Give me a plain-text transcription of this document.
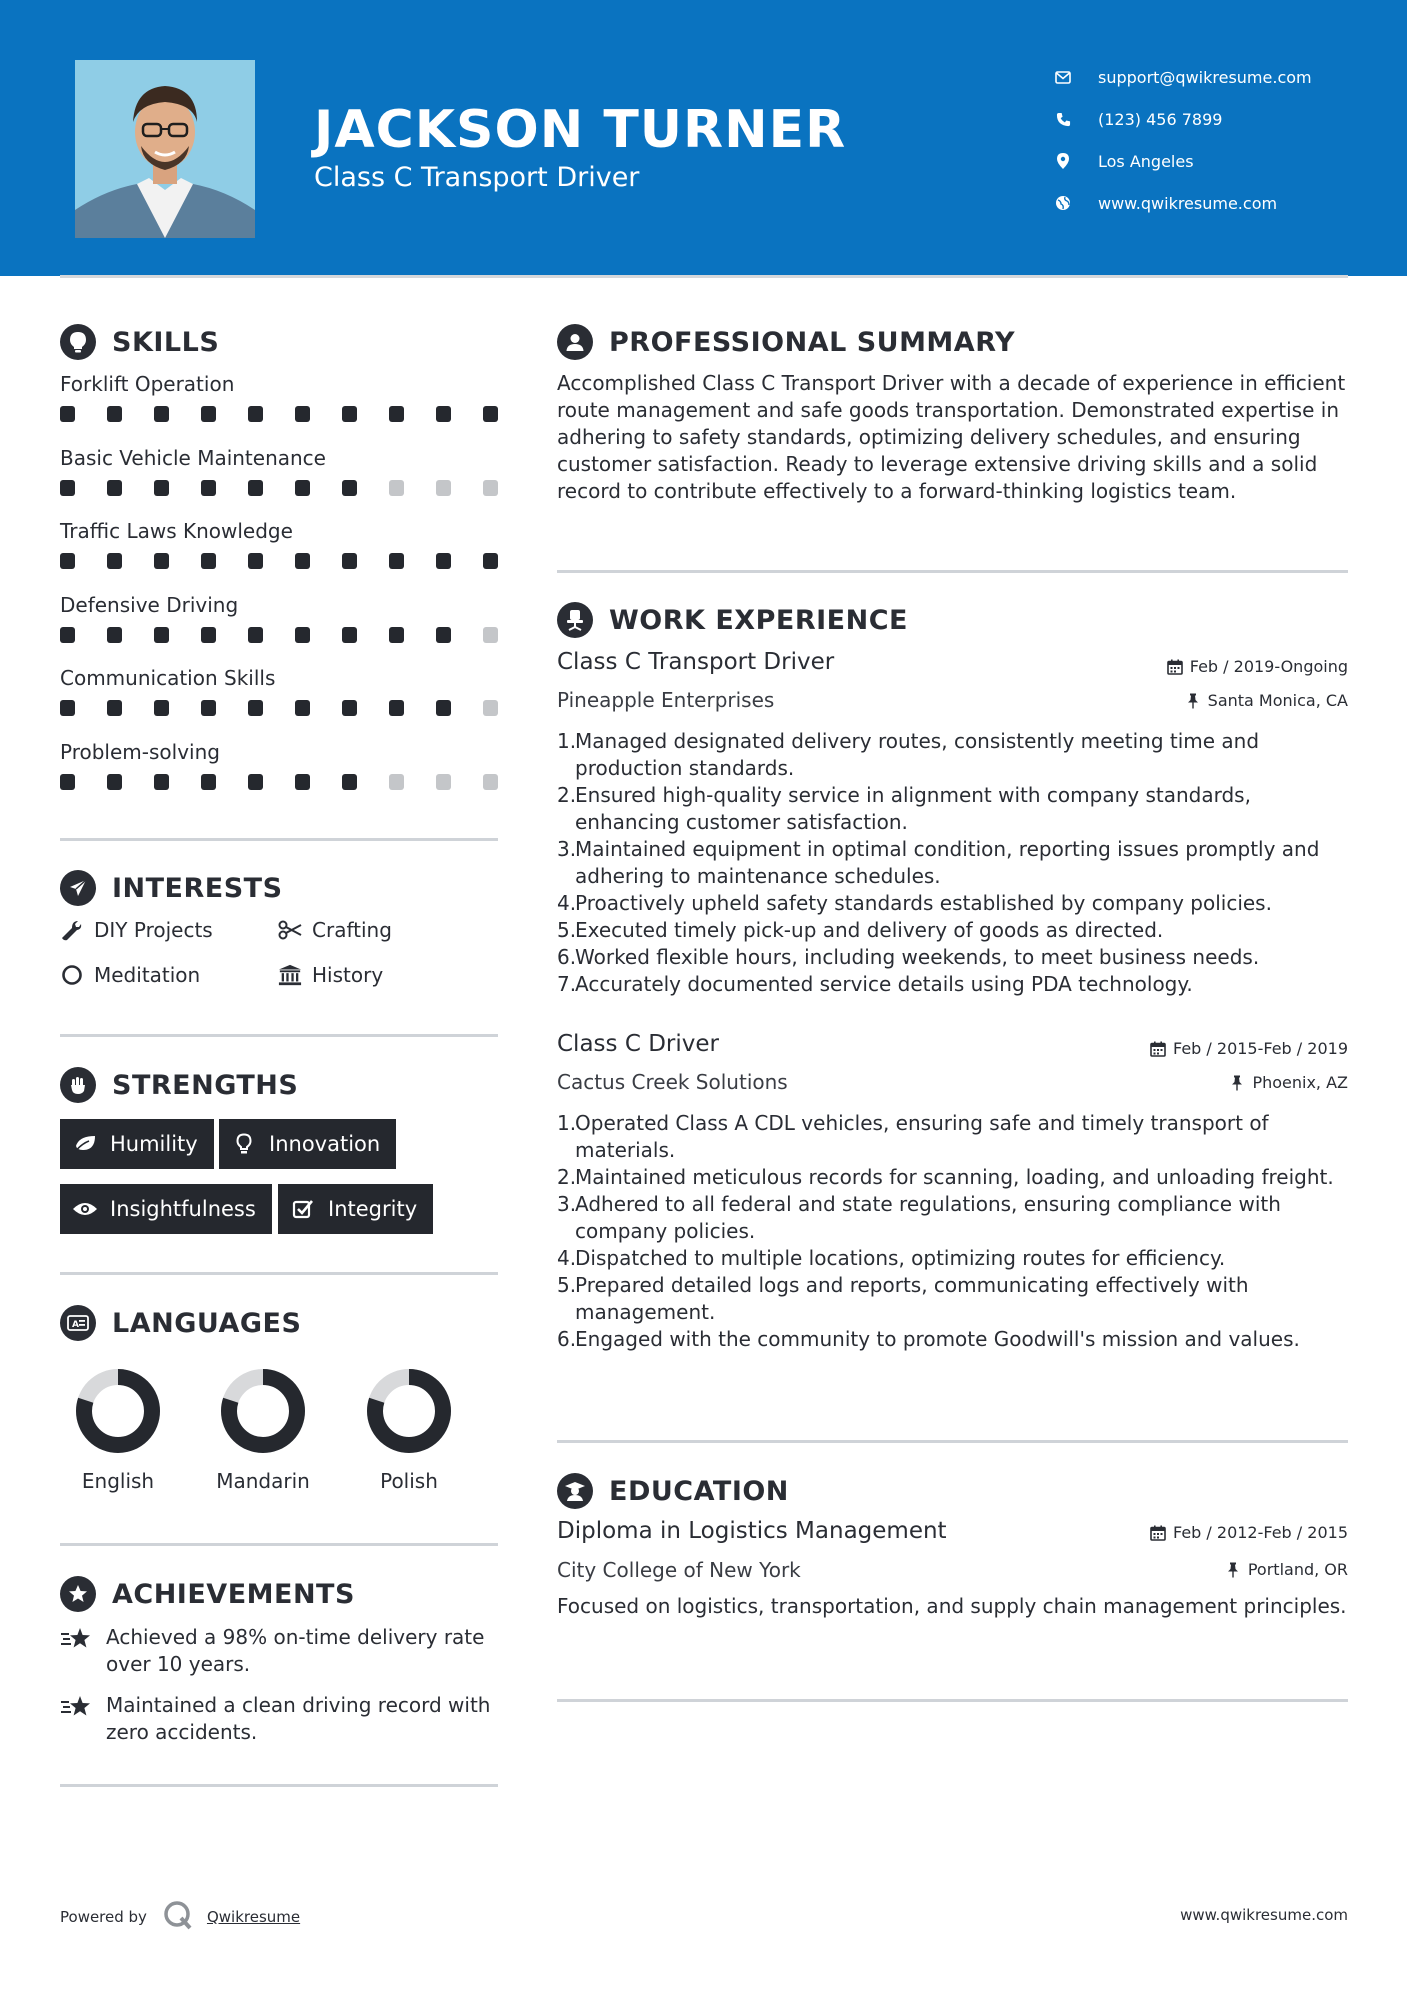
JACKSON TURNER
Class C Transport Driver
support@qwikresume.com
(123) 456 7899
Los Angeles
www.qwikresume.com
SKILLS
Forklift Operation
Basic Vehicle Maintenance
Traffic Laws Knowledge
Defensive Driving
Communication Skills
Problem-solving
INTERESTS
DIY Projects	Crafting
Meditation	History
STRENGTHS
Humility	Innovation
Insightfulness	Integrity
A LANGUAGES
English	Mandarin	Polish
ACHIEVEMENTS
Achieved a 98% on-time delivery rate over 10 years.
Maintained a clean driving record with zero accidents.
PROFESSIONAL SUMMARY
Accomplished Class C Transport Driver with a decade of experience in efficient route management and safe goods transportation. Demonstrated expertise in adhering to safety standards, optimizing delivery schedules, and ensuring customer satisfaction. Ready to leverage extensive driving skills and a solid record to contribute effectively to a forward-thinking logistics team.
WORK EXPERIENCE
Class C Transport Driver	Feb / 2019-Ongoing
Pineapple Enterprises	Santa Monica, CA
1.
Managed designated delivery routes, consistently meeting time and production standards.
2.
Ensured high-quality service in alignment with company standards, enhancing customer satisfaction.
3.
Maintained equipment in optimal condition, reporting issues promptly and adhering to maintenance schedules.
4.
Proactively upheld safety standards established by company policies.
5.
Executed timely pick-up and delivery of goods as directed.
6.
Worked flexible hours, including weekends, to meet business needs.
7.
Accurately documented service details using PDA technology.
Class C Driver	Feb / 2015-Feb / 2019
Cactus Creek Solutions	Phoenix, AZ
1.
Operated Class A CDL vehicles, ensuring safe and timely transport of materials.
2.
Maintained meticulous records for scanning, loading, and unloading freight.
3.
Adhered to all federal and state regulations, ensuring compliance with company policies.
4.
Dispatched to multiple locations, optimizing routes for efficiency.
5.
Prepared detailed logs and reports, communicating effectively with management.
6.
Engaged with the community to promote Goodwill's mission and values.
EDUCATION
Diploma in Logistics Management	Feb / 2012-Feb / 2015
City College of New York	Portland, OR
Focused on logistics, transportation, and supply chain management principles.
Powered by	Qwikresume	www.qwikresume.com
